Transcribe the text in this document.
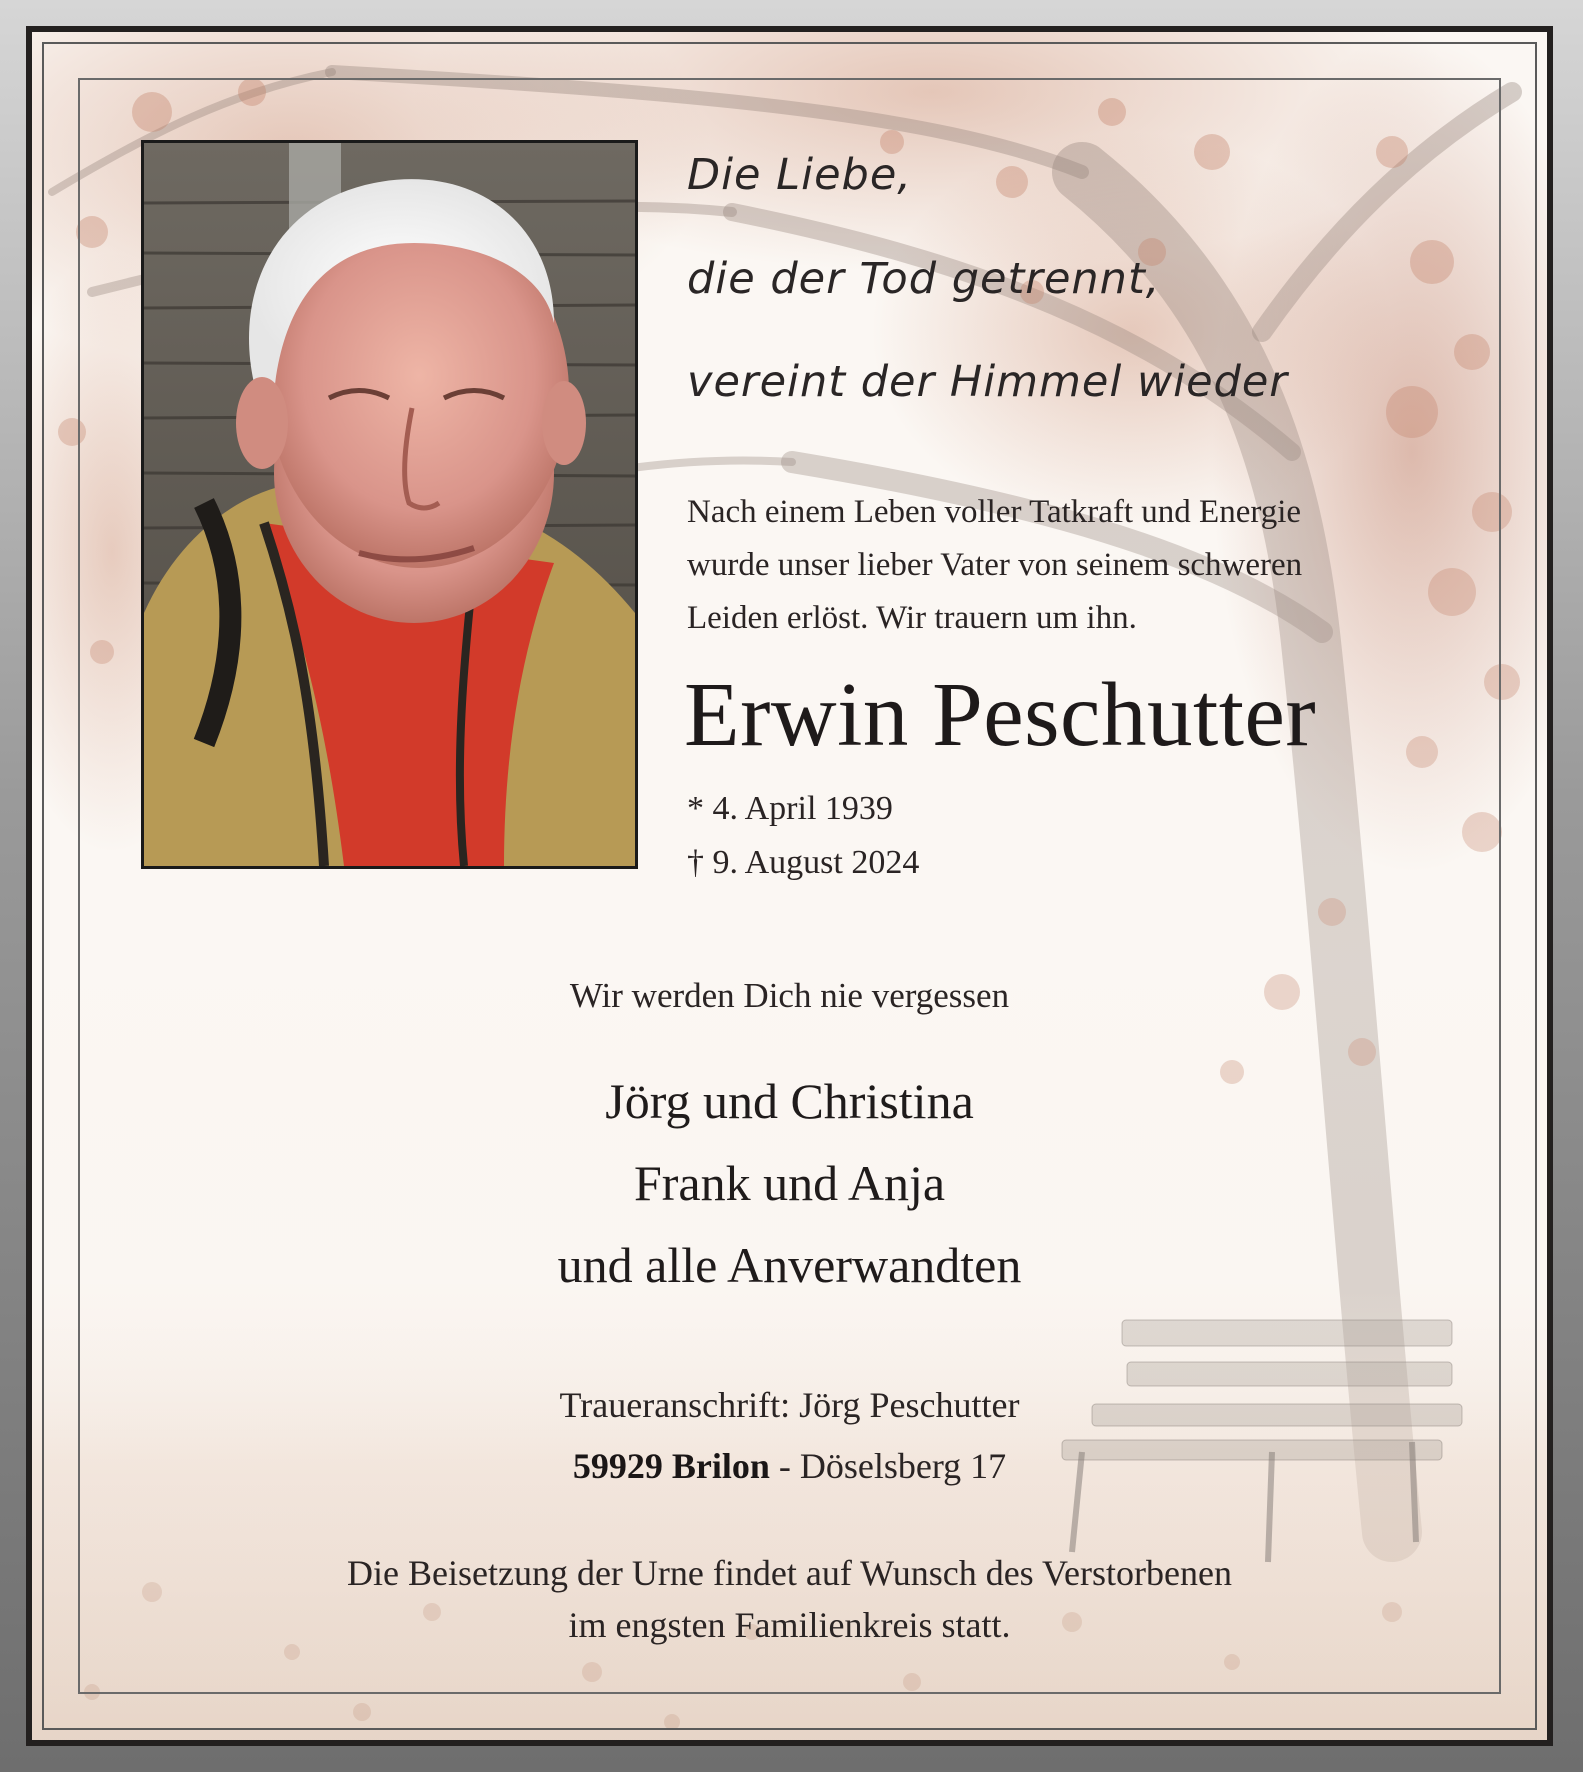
Die Liebe,
die der Tod getrennt,
vereint der Himmel wieder
Nach einem Leben voller Tatkraft und Energie
wurde unser lieber Vater von seinem schweren
Leiden erlöst. Wir trauern um ihn.
Erwin Peschutter
* 4. April 1939
† 9. August 2024
Wir werden Dich nie vergessen
Jörg und Christina
Frank und Anja
und alle Anverwandten
Traueranschrift: Jörg Peschutter
59929 Brilon - Döselsberg 17
Die Beisetzung der Urne findet auf Wunsch des Verstorbenen
im engsten Familienkreis statt.
